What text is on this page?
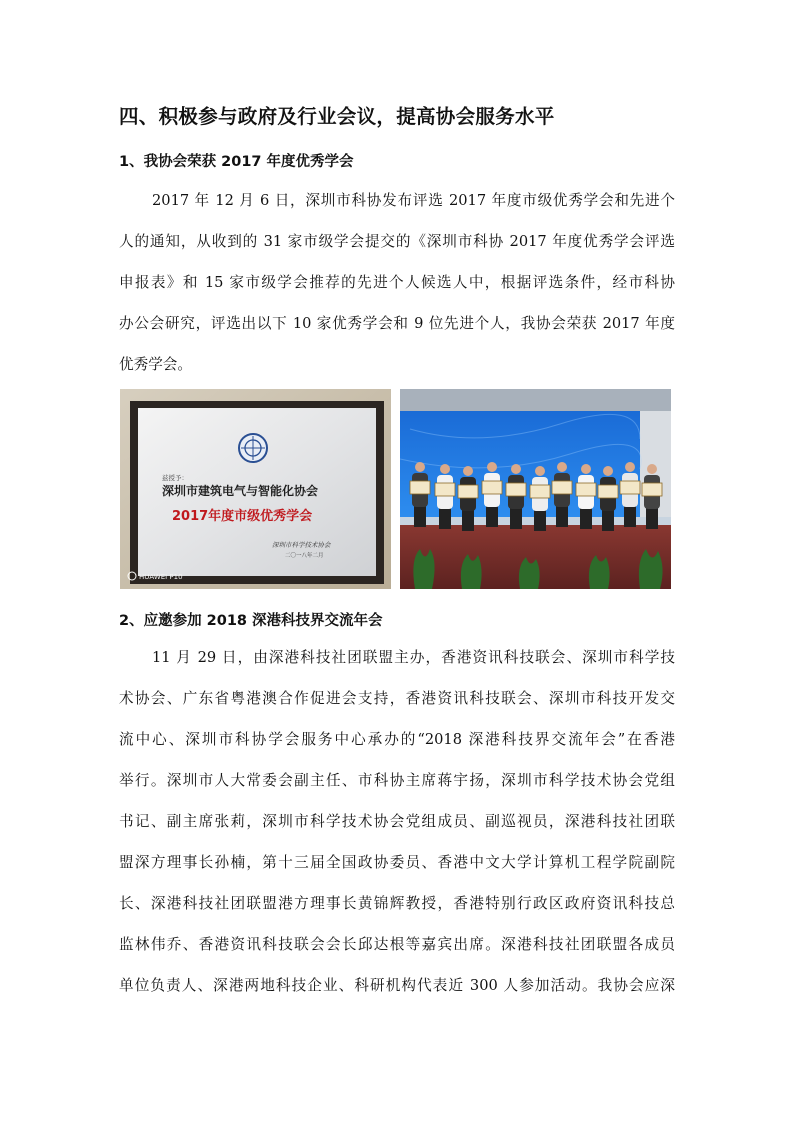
四、积极参与政府及行业会议，提高协会服务水平
1、我协会荣获 2017 年度优秀学会
2017 年 12 月 6 日，深圳市科协发布评选 2017 年度市级优秀学会和先进个
人的通知，从收到的 31 家市级学会提交的《深圳市科协 2017 年度优秀学会评选
申报表》和 15 家市级学会推荐的先进个人候选人中，根据评选条件，经市科协
办公会研究，评选出以下 10 家优秀学会和 9 位先进个人，我协会荣获 2017 年度
优秀学会。
兹授予：
深圳市建筑电气与智能化协会
2017年度市级优秀学会
深圳市科学技术协会
二〇一八年二月
HUAWEI P10
2、应邀参加 2018 深港科技界交流年会
11 月 29 日，由深港科技社团联盟主办，香港资讯科技联会、深圳市科学技
术协会、广东省粤港澳合作促进会支持，香港资讯科技联会、深圳市科技开发交
流中心、深圳市科协学会服务中心承办的“2018 深港科技界交流年会”在香港
举行。深圳市人大常委会副主任、市科协主席蒋宇扬，深圳市科学技术协会党组
书记、副主席张莉，深圳市科学技术协会党组成员、副巡视员，深港科技社团联
盟深方理事长孙楠，第十三届全国政协委员、香港中文大学计算机工程学院副院
长、深港科技社团联盟港方理事长黄锦辉教授，香港特别行政区政府资讯科技总
监林伟乔、香港资讯科技联会会长邱达根等嘉宾出席。深港科技社团联盟各成员
单位负责人、深港两地科技企业、科研机构代表近 300 人参加活动。我协会应深
